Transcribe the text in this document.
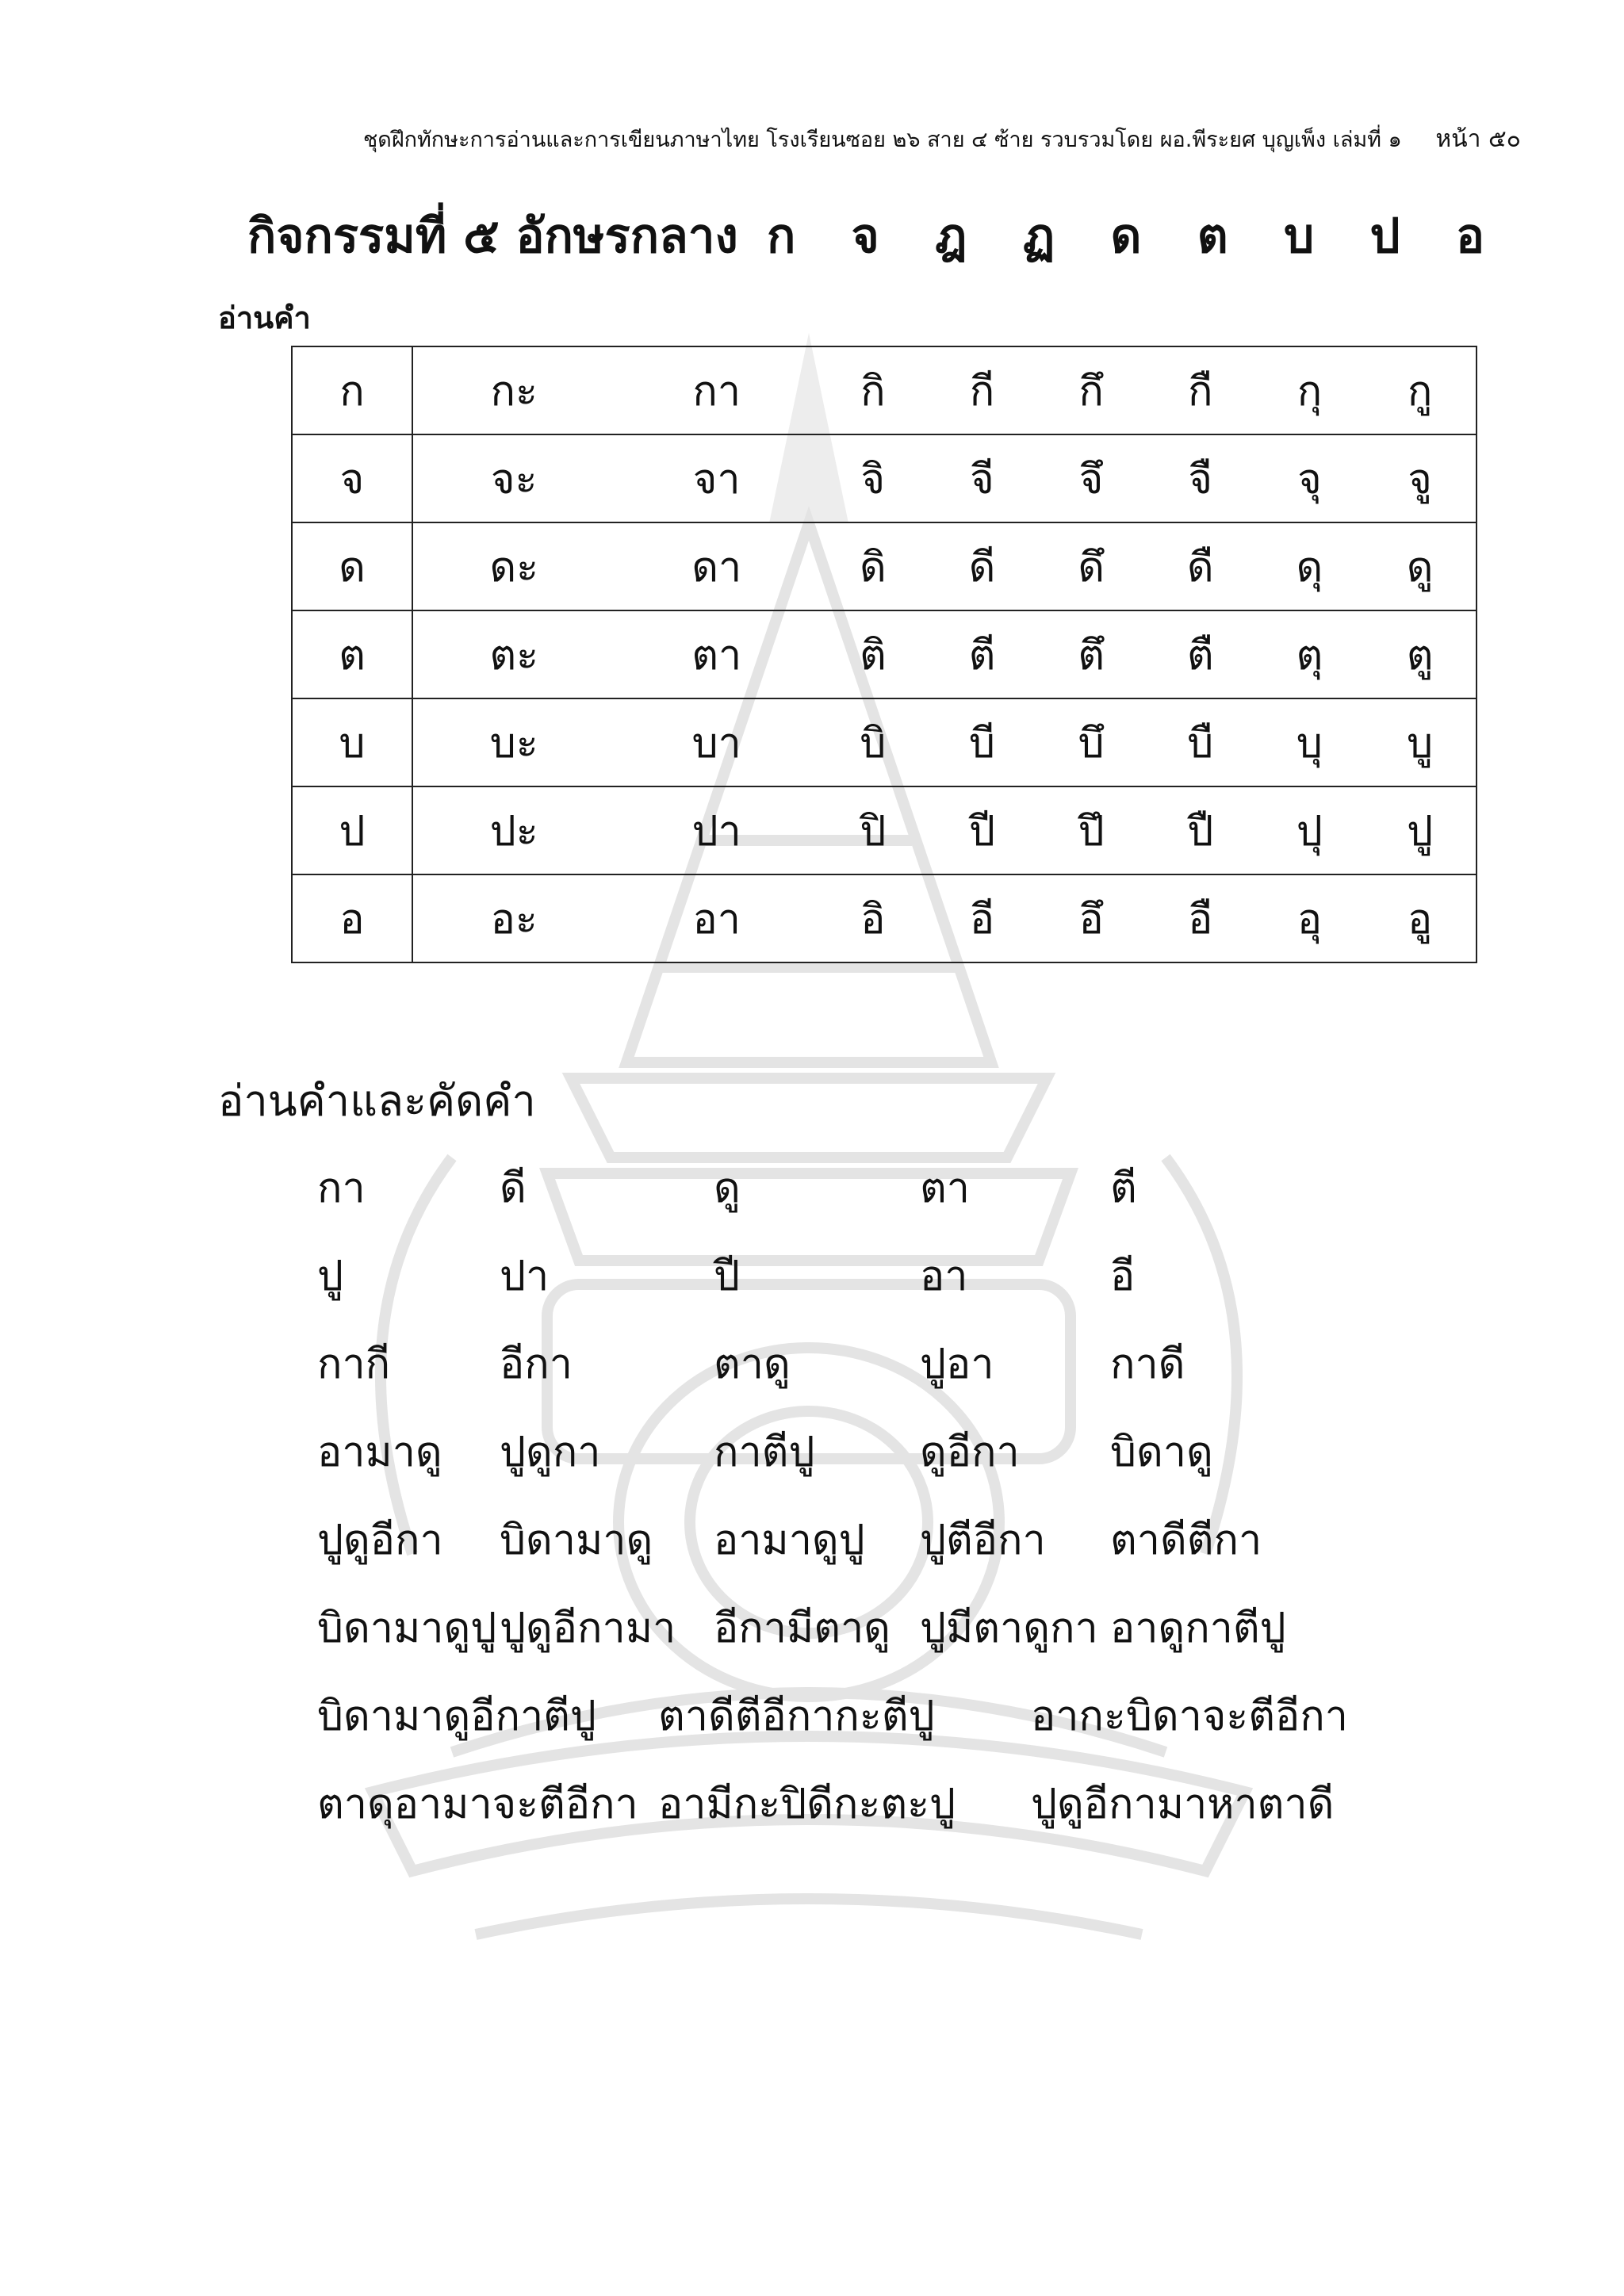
ชุดฝึกทักษะการอ่านและการเขียนภาษาไทย โรงเรียนซอย ๒๖ สาย ๔ ซ้าย รวบรวมโดย ผอ.พีระยศ บุญเพ็ง เล่มที่ ๑ หน้า ๕๐
กิจกรรมที่ ๕ อักษรกลาง ก จ ฎ ฏ ด ต บ ป อ
อ่านคำ
ก	กะ	กา	กิ	กี	กึ	กื	กุ	กู
จ	จะ	จา	จิ	จี	จึ	จื	จุ	จู
ด	ดะ	ดา	ดิ	ดี	ดึ	ดื	ดุ	ดู
ต	ตะ	ตา	ติ	ตี	ตึ	ตื	ตุ	ตู
บ	บะ	บา	บิ	บี	บึ	บื	บุ	บู
ป	ปะ	ปา	ปิ	ปี	ปึ	ปื	ปุ	ปู
อ	อะ	อา	อิ	อี	อึ	อื	อุ	อู
อ่านคำและคัดคำ
กา	ดี	ดู	ตา	ตี
ปู	ปา	ปี	อา	อี
กากี	อีกา	ตาดู	ปูอา	กาดี
อามาดู ปูดูกา	กาตีปู	ดูอีกา บิดาดู
ปูดูอีกา บิดามาดู อามาดูปู ปูตีอีกา ตาดีตีกา
บิดามาดูปู ปูดูอีกามา อีกามีตาดู ปูมีตาดูกา อาดูกาตีปู
บิดามาดูอีกาตีปู ตาดีตีอีกากะตีปู อากะบิดาจะตีอีกา
ตาดุอามาจะตีอีกา อามีกะปิดีกะตะปู ปูดูอีกามาหาตาดี
